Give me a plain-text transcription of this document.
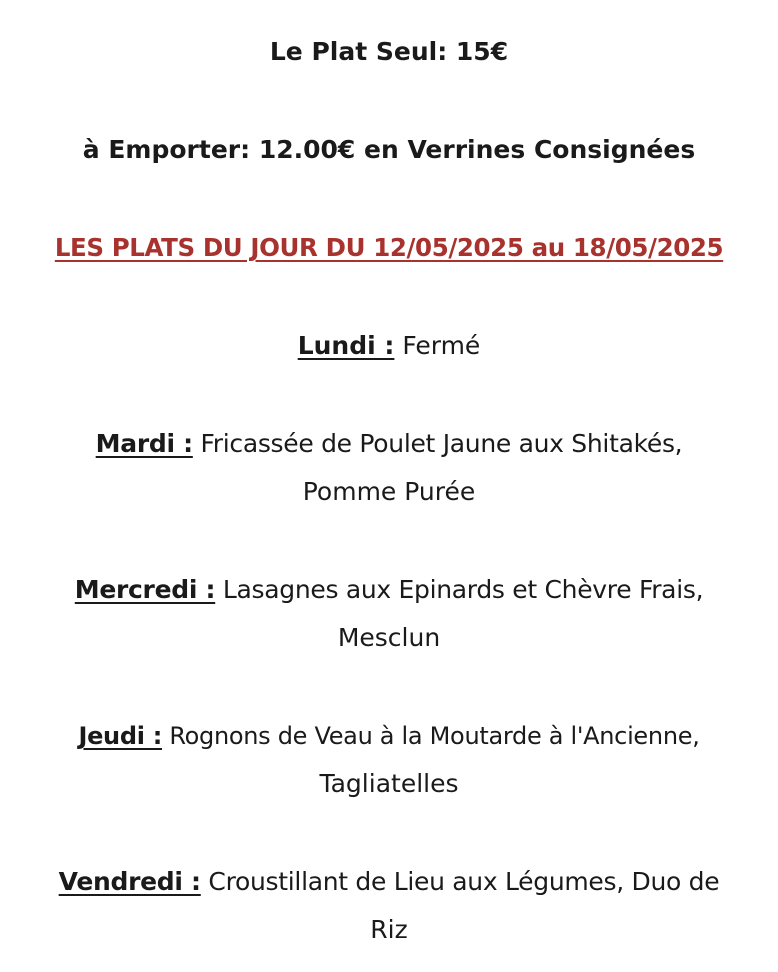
Le Plat Seul: 15€
à Emporter: 12.00€ en Verrines Consignées
LES PLATS DU JOUR DU 12/05/2025 au 18/05/2025
Lundi : Fermé
Mardi : Fricassée de Poulet Jaune aux Shitakés,
Pomme Purée
Mercredi : Lasagnes aux Epinards et Chèvre Frais,
Mesclun
Jeudi : Rognons de Veau à la Moutarde à l'Ancienne,
Tagliatelles
Vendredi : Croustillant de Lieu aux Légumes, Duo de
Riz
